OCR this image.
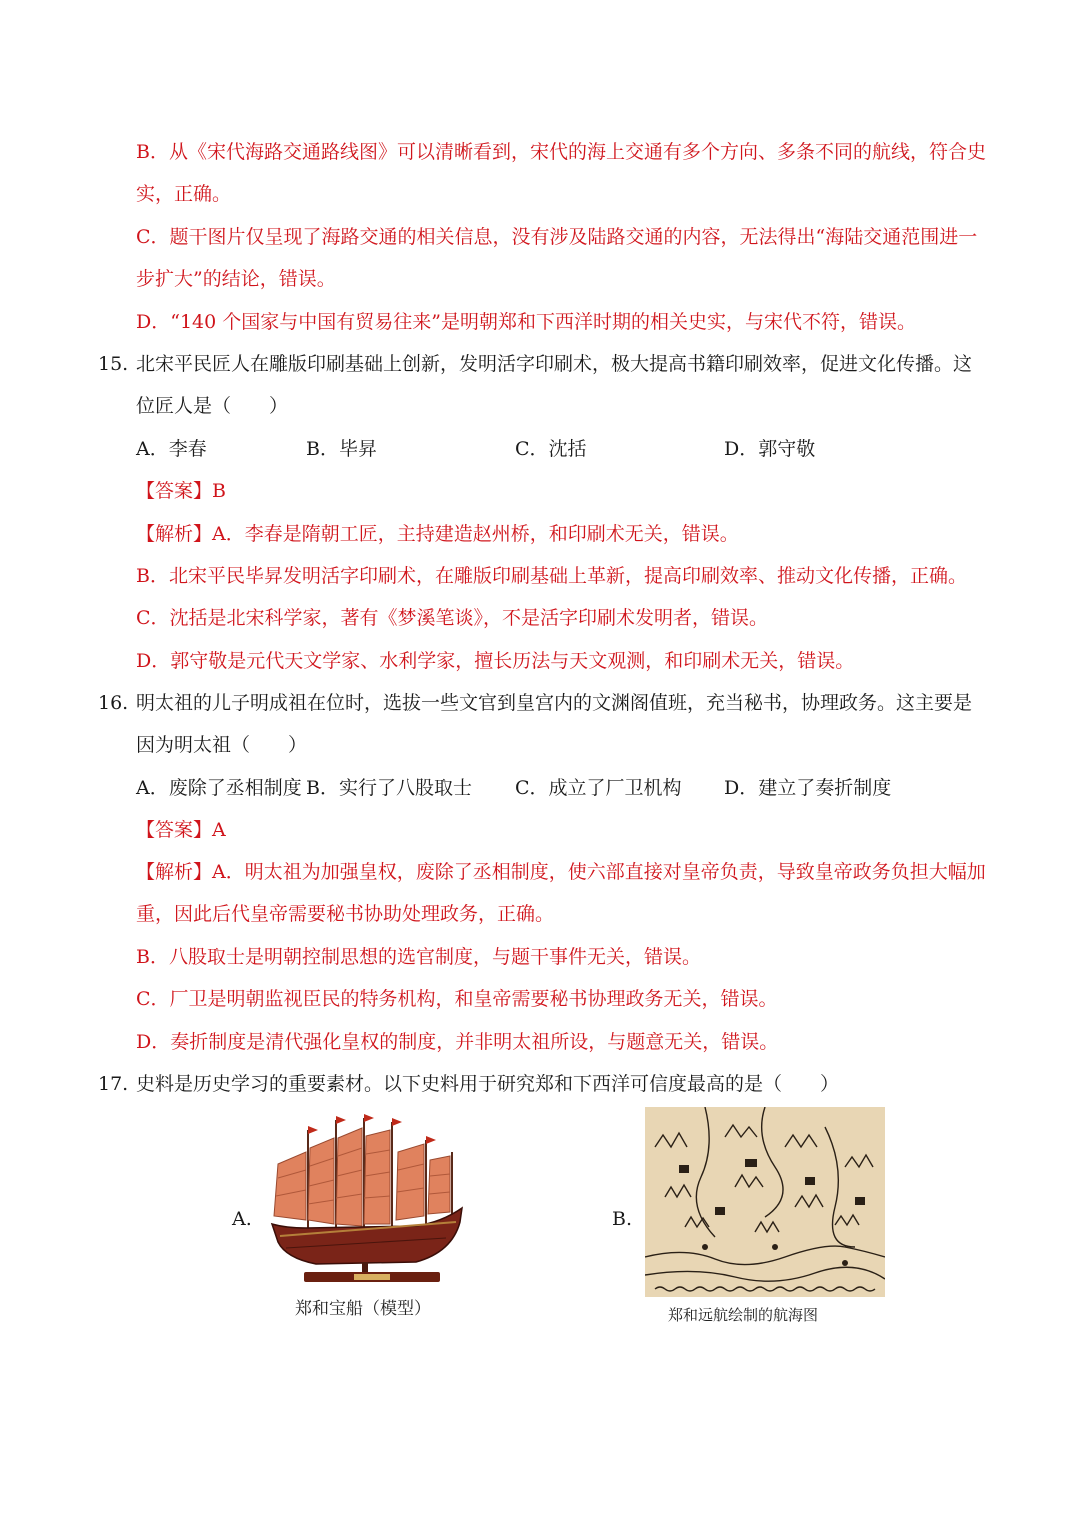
B．从《宋代海路交通路线图》可以清晰看到，宋代的海上交通有多个方向、多条不同的航线，符合史
实，正确。
C．题干图片仅呈现了海路交通的相关信息，没有涉及陆路交通的内容，无法得出“海陆交通范围进一
步扩大”的结论，错误。
D．“140 个国家与中国有贸易往来”是明朝郑和下西洋时期的相关史实，与宋代不符，错误。
15. 北宋平民匠人在雕版印刷基础上创新，发明活字印刷术，极大提高书籍印刷效率，促进文化传播。这
位匠人是（　　）
A．李春	B．毕昇	C．沈括	D．郭守敬
【答案】B
【解析】A．李春是隋朝工匠，主持建造赵州桥，和印刷术无关，错误。
B．北宋平民毕昇发明活字印刷术，在雕版印刷基础上革新，提高印刷效率、推动文化传播，正确。
C．沈括是北宋科学家，著有《梦溪笔谈》，不是活字印刷术发明者，错误。
D．郭守敬是元代天文学家、水利学家，擅长历法与天文观测，和印刷术无关，错误。
16. 明太祖的儿子明成祖在位时，选拔一些文官到皇宫内的文渊阁值班，充当秘书，协理政务。这主要是
因为明太祖（　　）
A．废除了丞相制度 B．实行了八股取士 C．成立了厂卫机构 D．建立了奏折制度
【答案】A
【解析】A．明太祖为加强皇权，废除了丞相制度，使六部直接对皇帝负责，导致皇帝政务负担大幅加
重，因此后代皇帝需要秘书协助处理政务，正确。
B．八股取士是明朝控制思想的选官制度，与题干事件无关，错误。
C．厂卫是明朝监视臣民的特务机构，和皇帝需要秘书协理政务无关，错误。
D．奏折制度是清代强化皇权的制度，并非明太祖所设，与题意无关，错误。
17. 史料是历史学习的重要素材。以下史料用于研究郑和下西洋可信度最高的是（　　）
A.
郑和宝船（模型）
B.
郑和远航绘制的航海图
